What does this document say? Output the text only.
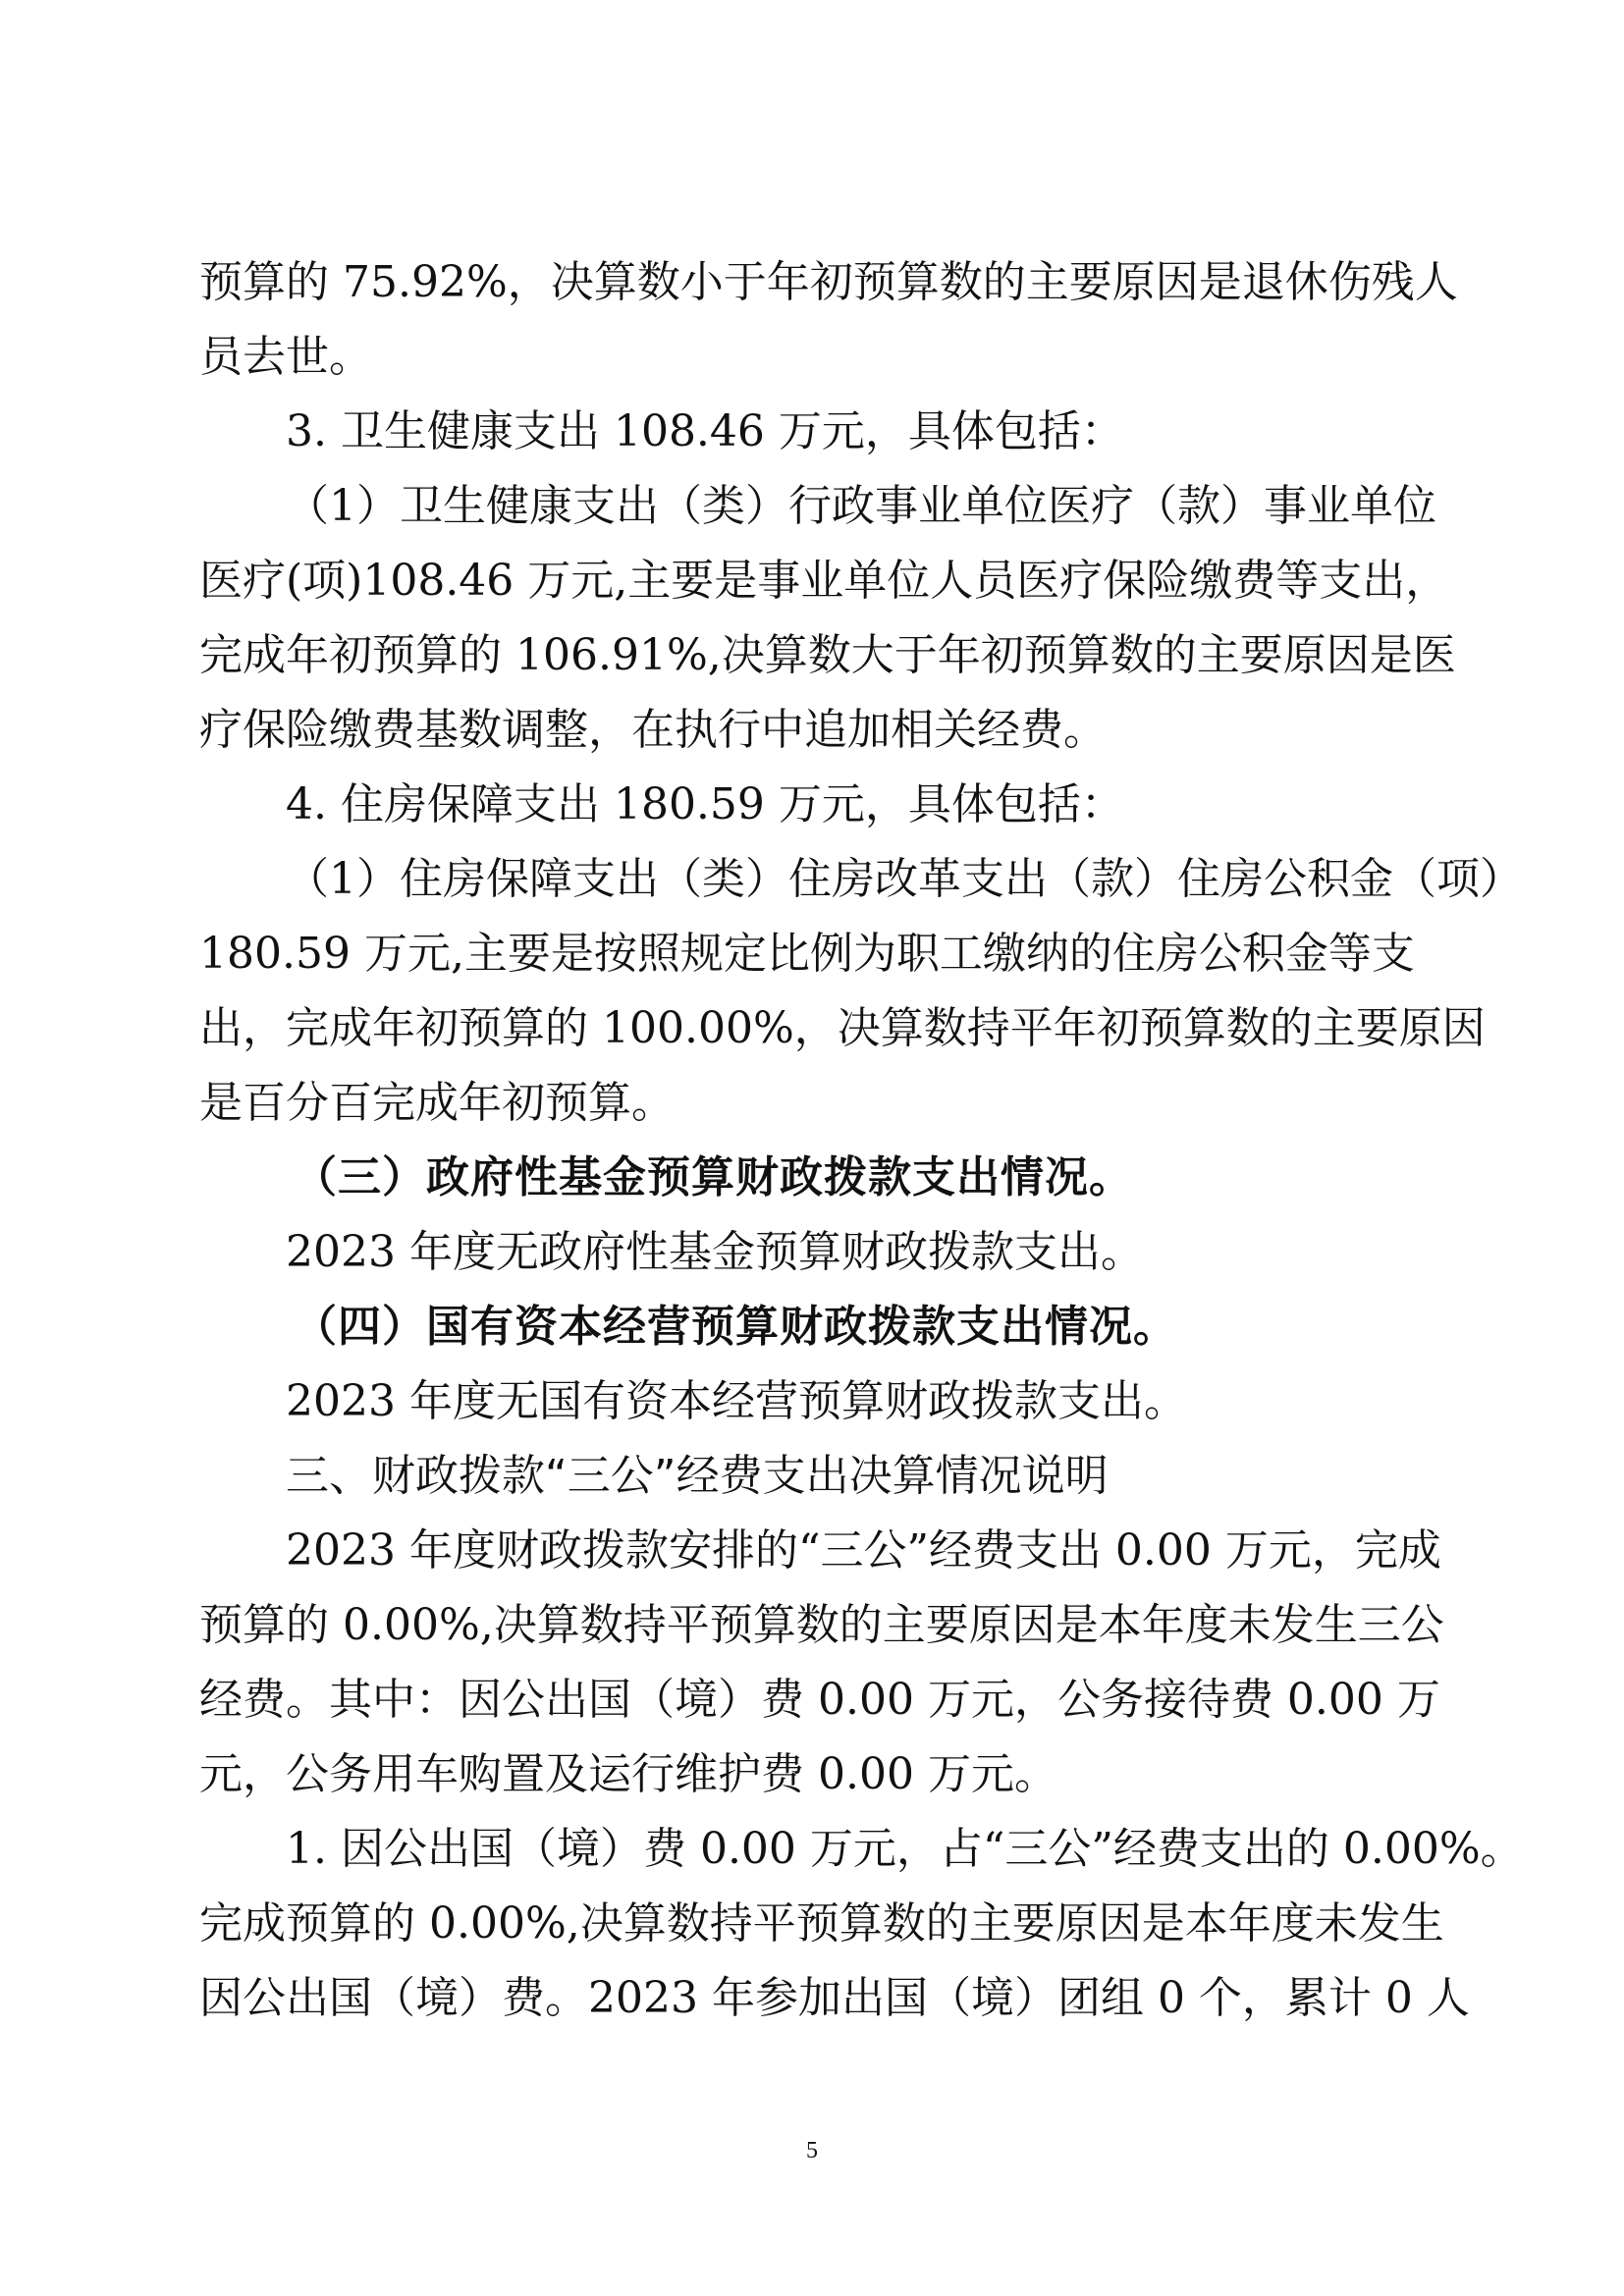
预算的 75.92%，决算数小于年初预算数的主要原因是退休伤残人
员去世。
3. 卫生健康支出 108.46 万元，具体包括：
（1）卫生健康支出（类）行政事业单位医疗（款）事业单位
医疗(项)108.46 万元,主要是事业单位人员医疗保险缴费等支出，
完成年初预算的 106.91%,决算数大于年初预算数的主要原因是医
疗保险缴费基数调整，在执行中追加相关经费。
4. 住房保障支出 180.59 万元，具体包括：
（1）住房保障支出（类）住房改革支出（款）住房公积金（项）
180.59 万元,主要是按照规定比例为职工缴纳的住房公积金等支
出，完成年初预算的 100.00%，决算数持平年初预算数的主要原因
是百分百完成年初预算。
（三）政府性基金预算财政拨款支出情况。
2023 年度无政府性基金预算财政拨款支出。
（四）国有资本经营预算财政拨款支出情况。
2023 年度无国有资本经营预算财政拨款支出。
三、财政拨款“三公”经费支出决算情况说明
2023 年度财政拨款安排的“三公”经费支出 0.00 万元，完成
预算的 0.00%,决算数持平预算数的主要原因是本年度未发生三公
经费。其中：因公出国（境）费 0.00 万元，公务接待费 0.00 万
元，公务用车购置及运行维护费 0.00 万元。
1. 因公出国（境）费 0.00 万元，占“三公”经费支出的 0.00%。
完成预算的 0.00%,决算数持平预算数的主要原因是本年度未发生
因公出国（境）费。2023 年参加出国（境）团组 0 个，累计 0 人
5
